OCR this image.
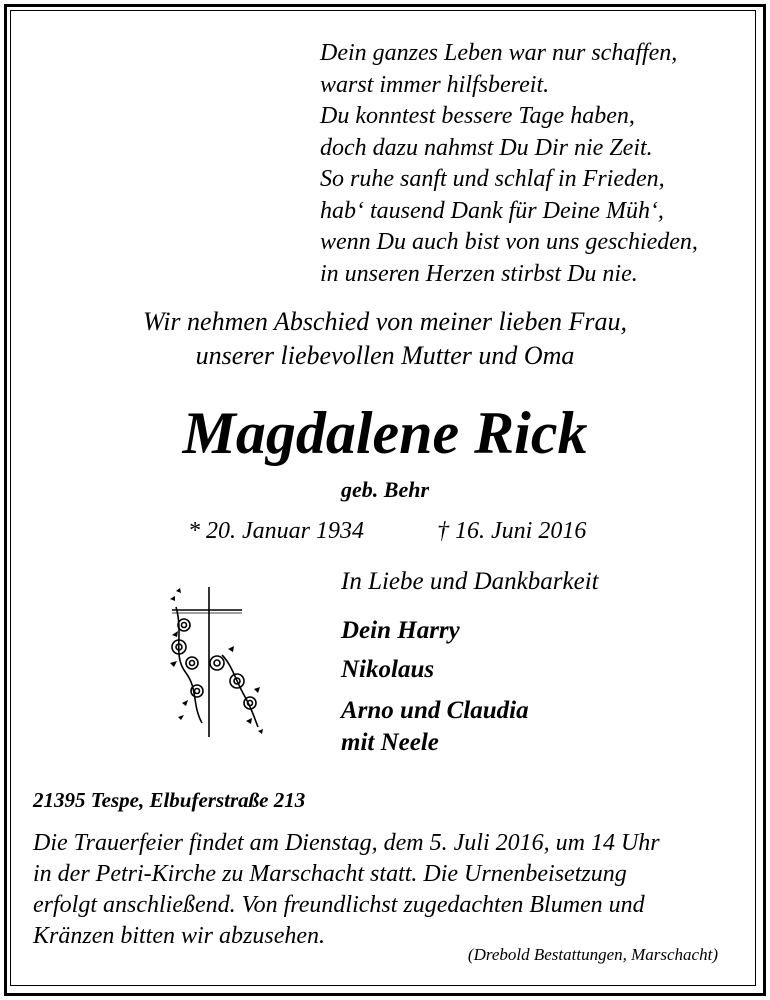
Dein ganzes Leben war nur schaffen,
warst immer hilfsbereit.
Du konntest bessere Tage haben,
doch dazu nahmst Du Dir nie Zeit.
So ruhe sanft und schlaf in Frieden,
hab‘ tausend Dank für Deine Müh‘,
wenn Du auch bist von uns geschieden,
in unseren Herzen stirbst Du nie.
Wir nehmen Abschied von meiner lieben Frau,
unserer liebevollen Mutter und Oma
Magdalene Rick
geb. Behr
* 20. Januar 1934	† 16. Juni 2016
In Liebe und Dankbarkeit
Dein Harry
Nikolaus
Arno und Claudia
mit Neele
21395 Tespe, Elbuferstraße 213
Die Trauerfeier findet am Dienstag, dem 5. Juli 2016, um 14 Uhr
in der Petri-Kirche zu Marschacht statt. Die Urnenbeisetzung
erfolgt anschließend. Von freundlichst zugedachten Blumen und
Kränzen bitten wir abzusehen.
(Drebold Bestattungen, Marschacht)
